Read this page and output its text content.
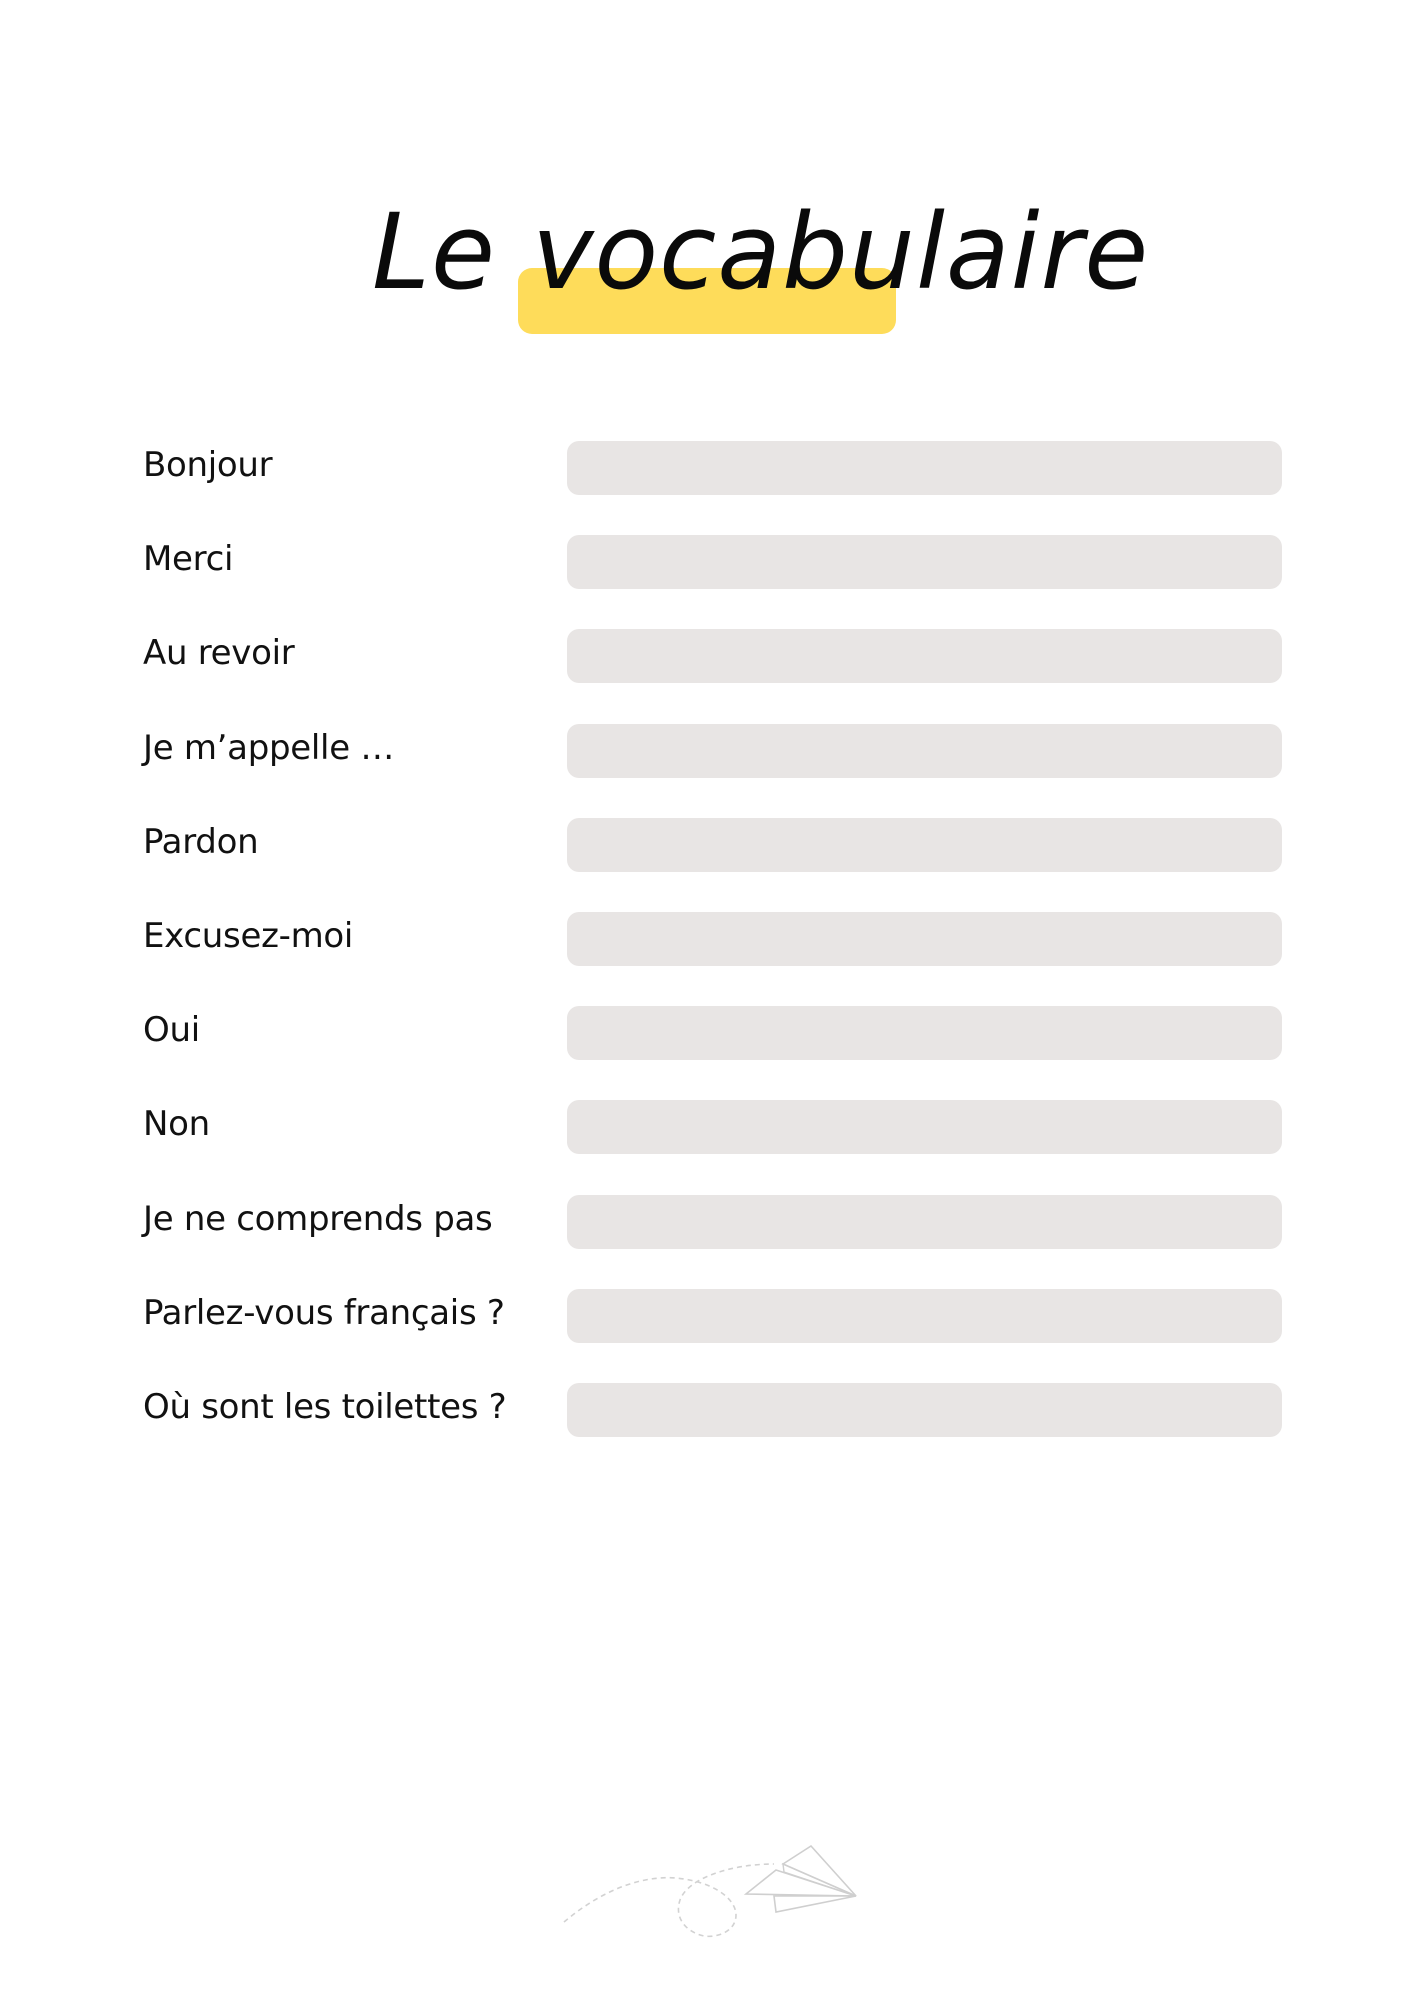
Le vocabulaire
Bonjour
Merci
Au revoir
Je m’appelle …
Pardon
Excusez-moi
Oui
Non
Je ne comprends pas
Parlez-vous français ?
Où sont les toilettes ?
